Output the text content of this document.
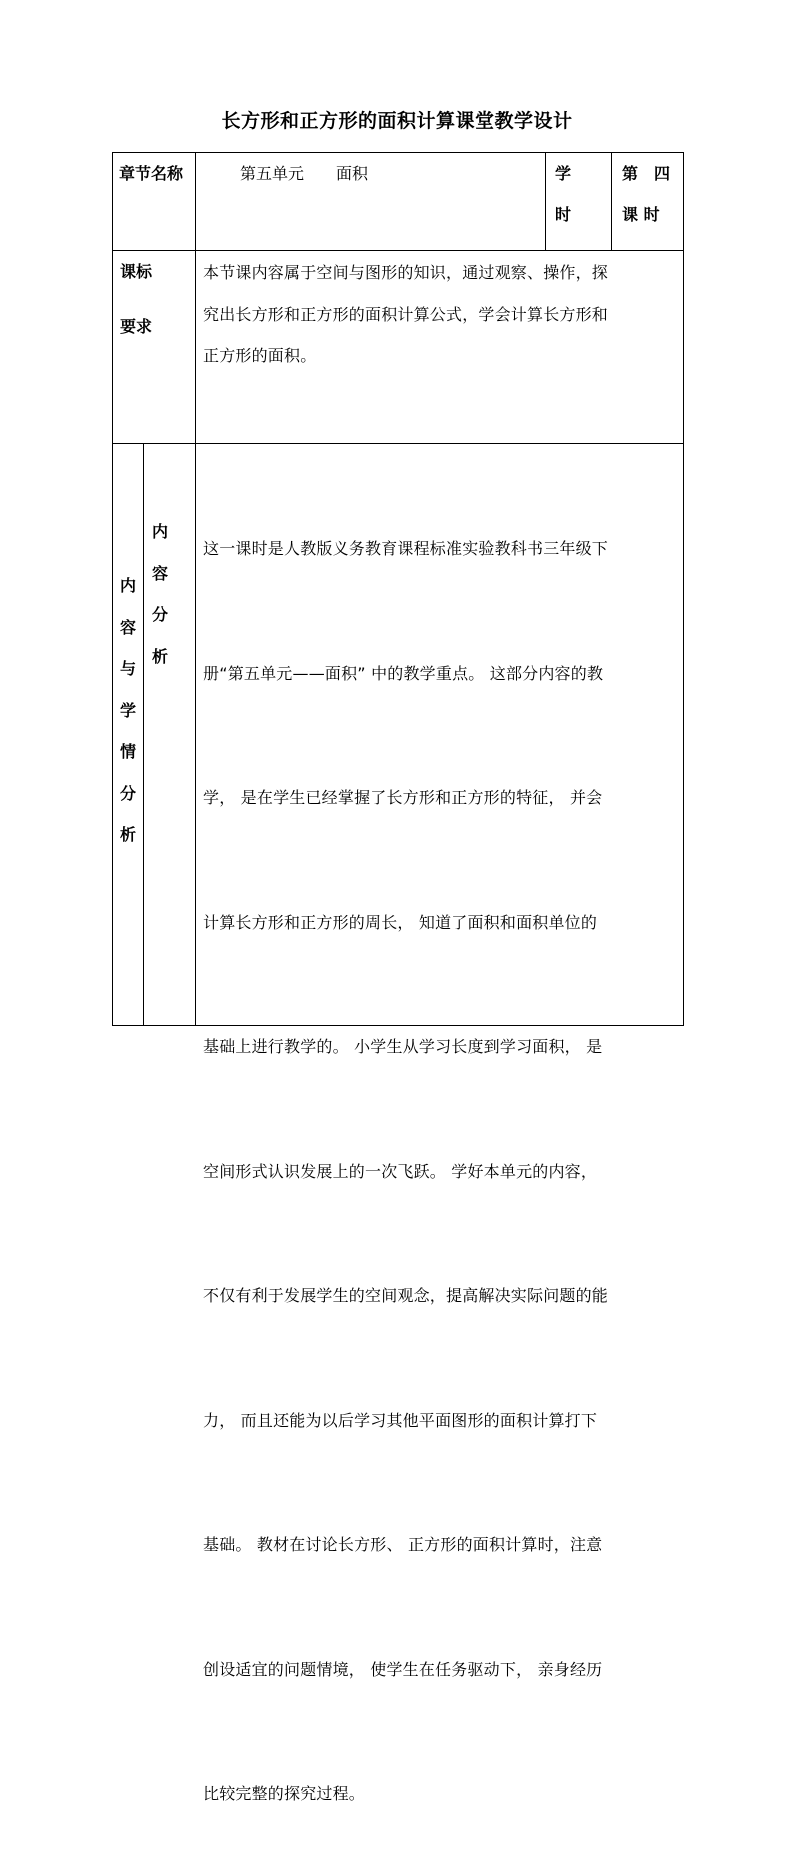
长方形和正方形的面积计算课堂教学设计
章节名称	第五单元　　面积	学
时
第　四
课 时
课标
要求
本节课内容属于空间与图形的知识，通过观察、操作，探
究出长方形和正方形的面积计算公式，学会计算长方形和
正方形的面积。
内
容
与
学
情
分
析
内
容
分
析

这一课时是人教版义务教育课程标准实验教科书三年级下

册“第五单元——面积” 中的教学重点。 这部分内容的教

学， 是在学生已经掌握了长方形和正方形的特征， 并会

计算长方形和正方形的周长， 知道了面积和面积单位的

基础上进行教学的。 小学生从学习长度到学习面积， 是

空间形式认识发展上的一次飞跃。 学好本单元的内容，

不仅有利于发展学生的空间观念，提高解决实际问题的能

力， 而且还能为以后学习其他平面图形的面积计算打下

基础。 教材在讨论长方形、 正方形的面积计算时，注意

创设适宜的问题情境， 使学生在任务驱动下， 亲身经历

比较完整的探究过程。
